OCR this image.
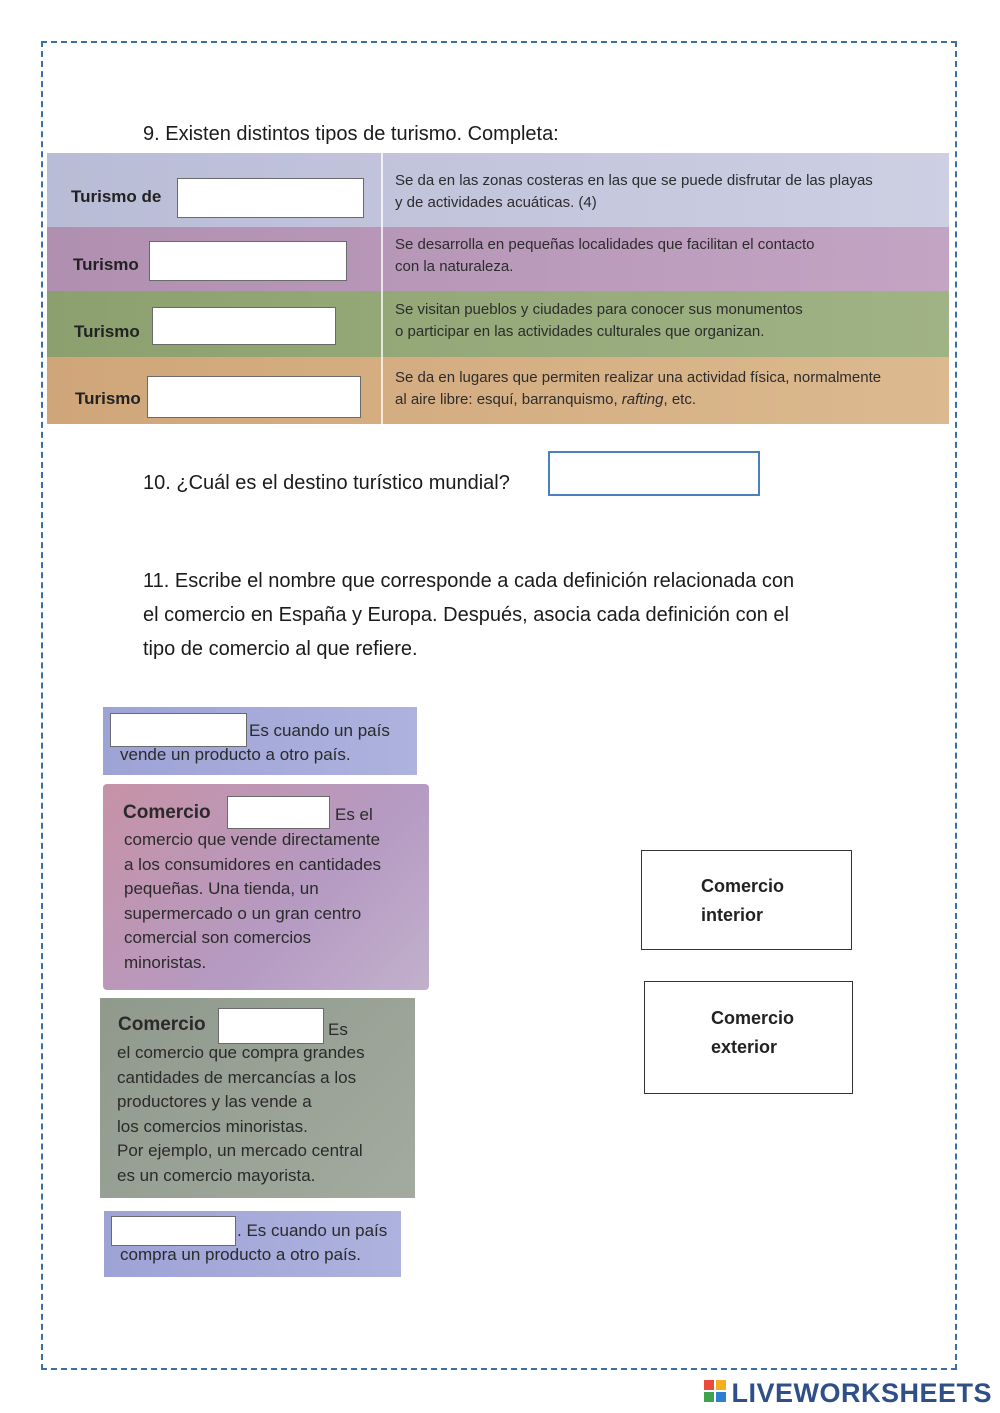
9. Existen distintos tipos de turismo. Completa:
Turismo de
Se da en las zonas costeras en las que se puede disfrutar de las playas
y de actividades acuáticas. (4)
Turismo
Se desarrolla en pequeñas localidades que facilitan el contacto
con la naturaleza.
Turismo
Se visitan pueblos y ciudades para conocer sus monumentos
o participar en las actividades culturales que organizan.
Turismo
Se da en lugares que permiten realizar una actividad física, normalmente
al aire libre: esquí, barranquismo, rafting, etc.
10. ¿Cuál es el destino turístico mundial?
11. Escribe el nombre que corresponde a cada definición relacionada con
el comercio en España y Europa. Después, asocia cada definición con el
tipo de comercio al que refiere.
Es cuando un país
vende un producto a otro país.
Comercio	Es el
comercio que vende directamente
a los consumidores en cantidades
pequeñas. Una tienda, un
supermercado o un gran centro
comercial son comercios
minoristas.
Comercio	Es
el comercio que compra grandes
cantidades de mercancías a los
productores y las vende a
los comercios minoristas.
Por ejemplo, un mercado central
es un comercio mayorista.
. Es cuando un país
compra un producto a otro país.
Comercio
interior
Comercio
exterior
LIVEWORKSHEETS
